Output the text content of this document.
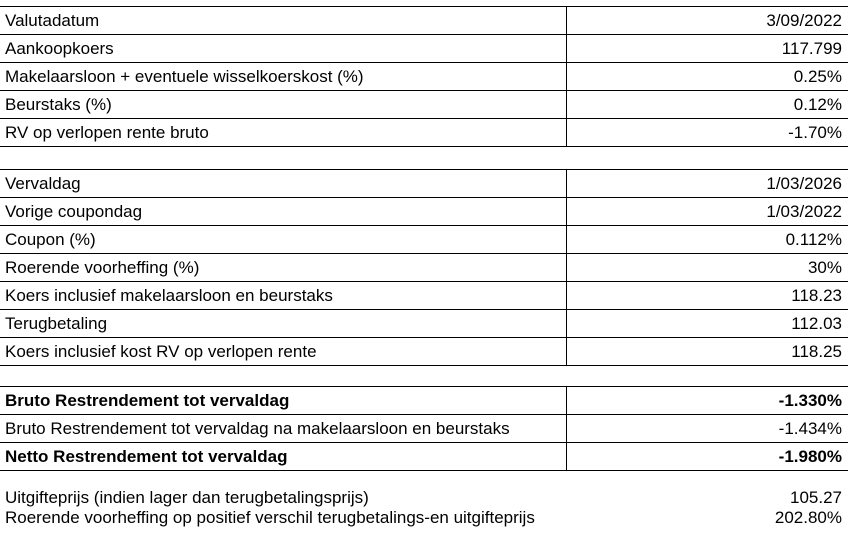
Valutadatum	3/09/2022
Aankoopkoers	117.799
Makelaarsloon + eventuele wisselkoerskost (%)	0.25%
Beurstaks (%)	0.12%
RV op verlopen rente bruto	-1.70%
Vervaldag	1/03/2026
Vorige coupondag	1/03/2022
Coupon (%)	0.112%
Roerende voorheffing (%)	30%
Koers inclusief makelaarsloon en beurstaks	118.23
Terugbetaling	112.03
Koers inclusief kost RV op verlopen rente	118.25
Bruto Restrendement tot vervaldag	-1.330%
Bruto Restrendement tot vervaldag na makelaarsloon en beurstaks	-1.434%
Netto Restrendement tot vervaldag	-1.980%
Uitgifteprijs (indien lager dan terugbetalingsprijs)	105.27
Roerende voorheffing op positief verschil terugbetalings-en uitgifteprijs	202.80%
